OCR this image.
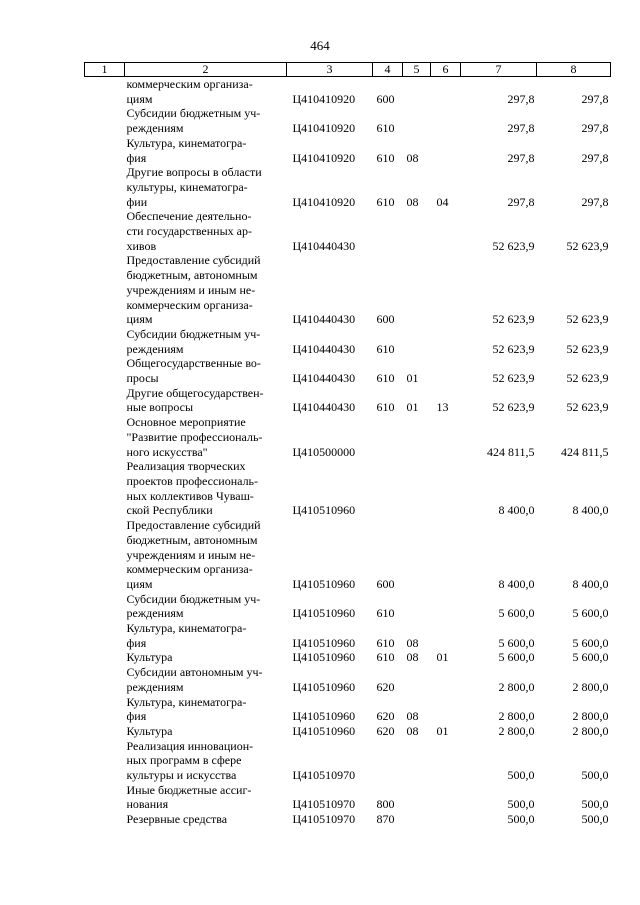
464
1	2	3	4	5	6	7	8

	коммерческим организа-
циям	Ц410410920	600			297,8	297,8

	Субсидии бюджетным уч-
реждениям	Ц410410920	610			297,8	297,8

	Культура, кинематогра-
фия	Ц410410920	610	08		297,8	297,8

	Другие вопросы в области
культуры, кинематогра-
фии	Ц410410920	610	08	04	297,8	297,8

	Обеспечение деятельно-
сти государственных ар-
хивов	Ц410440430				52 623,9	52 623,9

	Предоставление субсидий
бюджетным, автономным
учреждениям и иным не-
коммерческим организа-
циям	Ц410440430	600			52 623,9	52 623,9

	Субсидии бюджетным уч-
реждениям	Ц410440430	610			52 623,9	52 623,9

	Общегосударственные во-
просы	Ц410440430	610	01		52 623,9	52 623,9

	Другие общегосударствен-
ные вопросы	Ц410440430	610	01	13	52 623,9	52 623,9

	Основное мероприятие
"Развитие профессиональ-
ного искусства"	Ц410500000				424 811,5	424 811,5

	Реализация творческих
проектов профессиональ-
ных коллективов Чуваш-
ской Республики	Ц410510960				8 400,0	8 400,0

	Предоставление субсидий
бюджетным, автономным
учреждениям и иным не-
коммерческим организа-
циям	Ц410510960	600			8 400,0	8 400,0

	Субсидии бюджетным уч-
реждениям	Ц410510960	610			5 600,0	5 600,0

	Культура, кинематогра-
фия	Ц410510960	610	08		5 600,0	5 600,0

	Культура	Ц410510960	610	08	01	5 600,0	5 600,0

	Субсидии автономным уч-
реждениям	Ц410510960	620			2 800,0	2 800,0

	Культура, кинематогра-
фия	Ц410510960	620	08		2 800,0	2 800,0

	Культура	Ц410510960	620	08	01	2 800,0	2 800,0

	Реализация инновацион-
ных программ в сфере
культуры и искусства	Ц410510970				500,0	500,0

	Иные бюджетные ассиг-
нования	Ц410510970	800			500,0	500,0

	Резервные средства	Ц410510970	870			500,0	500,0
